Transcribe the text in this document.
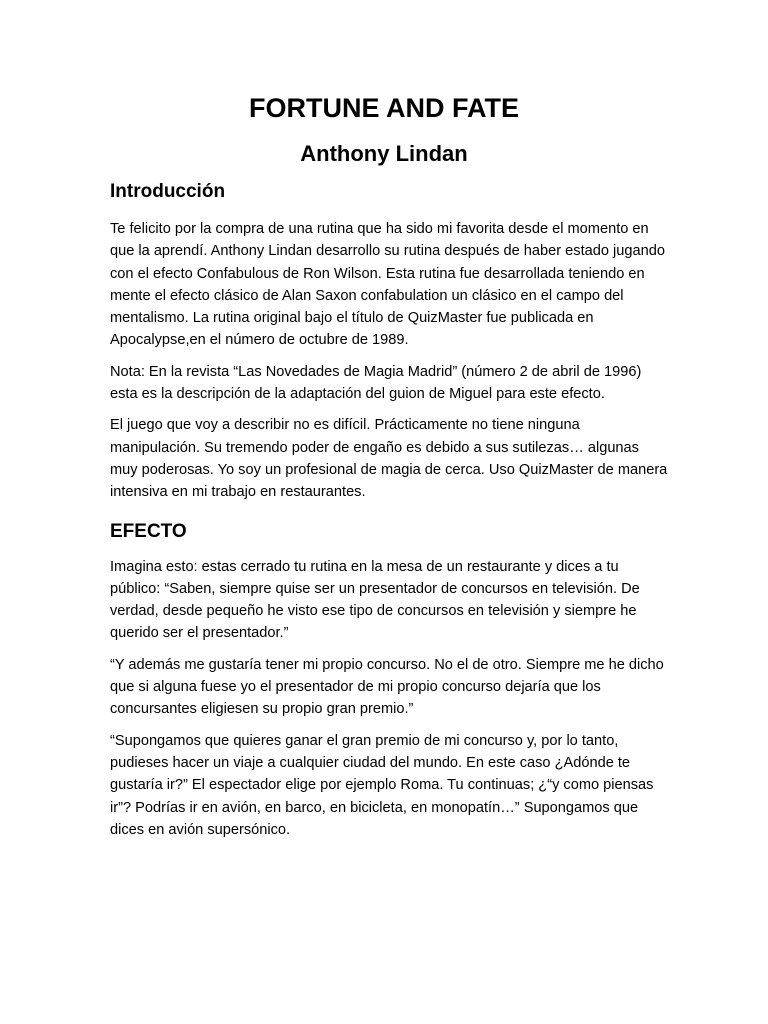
FORTUNE AND FATE
Anthony Lindan
Introducción

Te felicito por la compra de una rutina que ha sido mi favorita desde el momento en que la aprendí. Anthony Lindan desarrollo su rutina después de haber estado jugando con el efecto Confabulous de Ron Wilson. Esta rutina fue desarrollada teniendo en mente el efecto clásico de Alan Saxon confabulation un clásico en el campo del mentalismo. La rutina original bajo el título de QuizMaster fue publicada en Apocalypse,en el número de octubre de 1989.

Nota: En la revista “Las Novedades de Magia Madrid” (número 2 de abril de 1996) esta es la descripción de la adaptación del guion de Miguel para este efecto.

El juego que voy a describir no es difícil. Prácticamente no tiene ninguna manipulación. Su tremendo poder de engaño es debido a sus sutilezas… algunas muy poderosas. Yo soy un profesional de magia de cerca. Uso QuizMaster de manera intensiva en mi trabajo en restaurantes.

EFECTO

Imagina esto: estas cerrado tu rutina en la mesa de un restaurante y dices a tu público: “Saben, siempre quise ser un presentador de concursos en televisión. De verdad, desde pequeño he visto ese tipo de concursos en televisión y siempre he querido ser el presentador.”

“Y además me gustaría tener mi propio concurso. No el de otro. Siempre me he dicho que si alguna fuese yo el presentador de mi propio concurso dejaría que los concursantes eligiesen su propio gran premio.”

“Supongamos que quieres ganar el gran premio de mi concurso y, por lo tanto, pudieses hacer un viaje a cualquier ciudad del mundo. En este caso ¿Adónde te gustaría ir?” El espectador elige por ejemplo Roma. Tu continuas; ¿“y como piensas ir”? Podrías ir en avión, en barco, en bicicleta, en monopatín…” Supongamos que dices en avión supersónico.
